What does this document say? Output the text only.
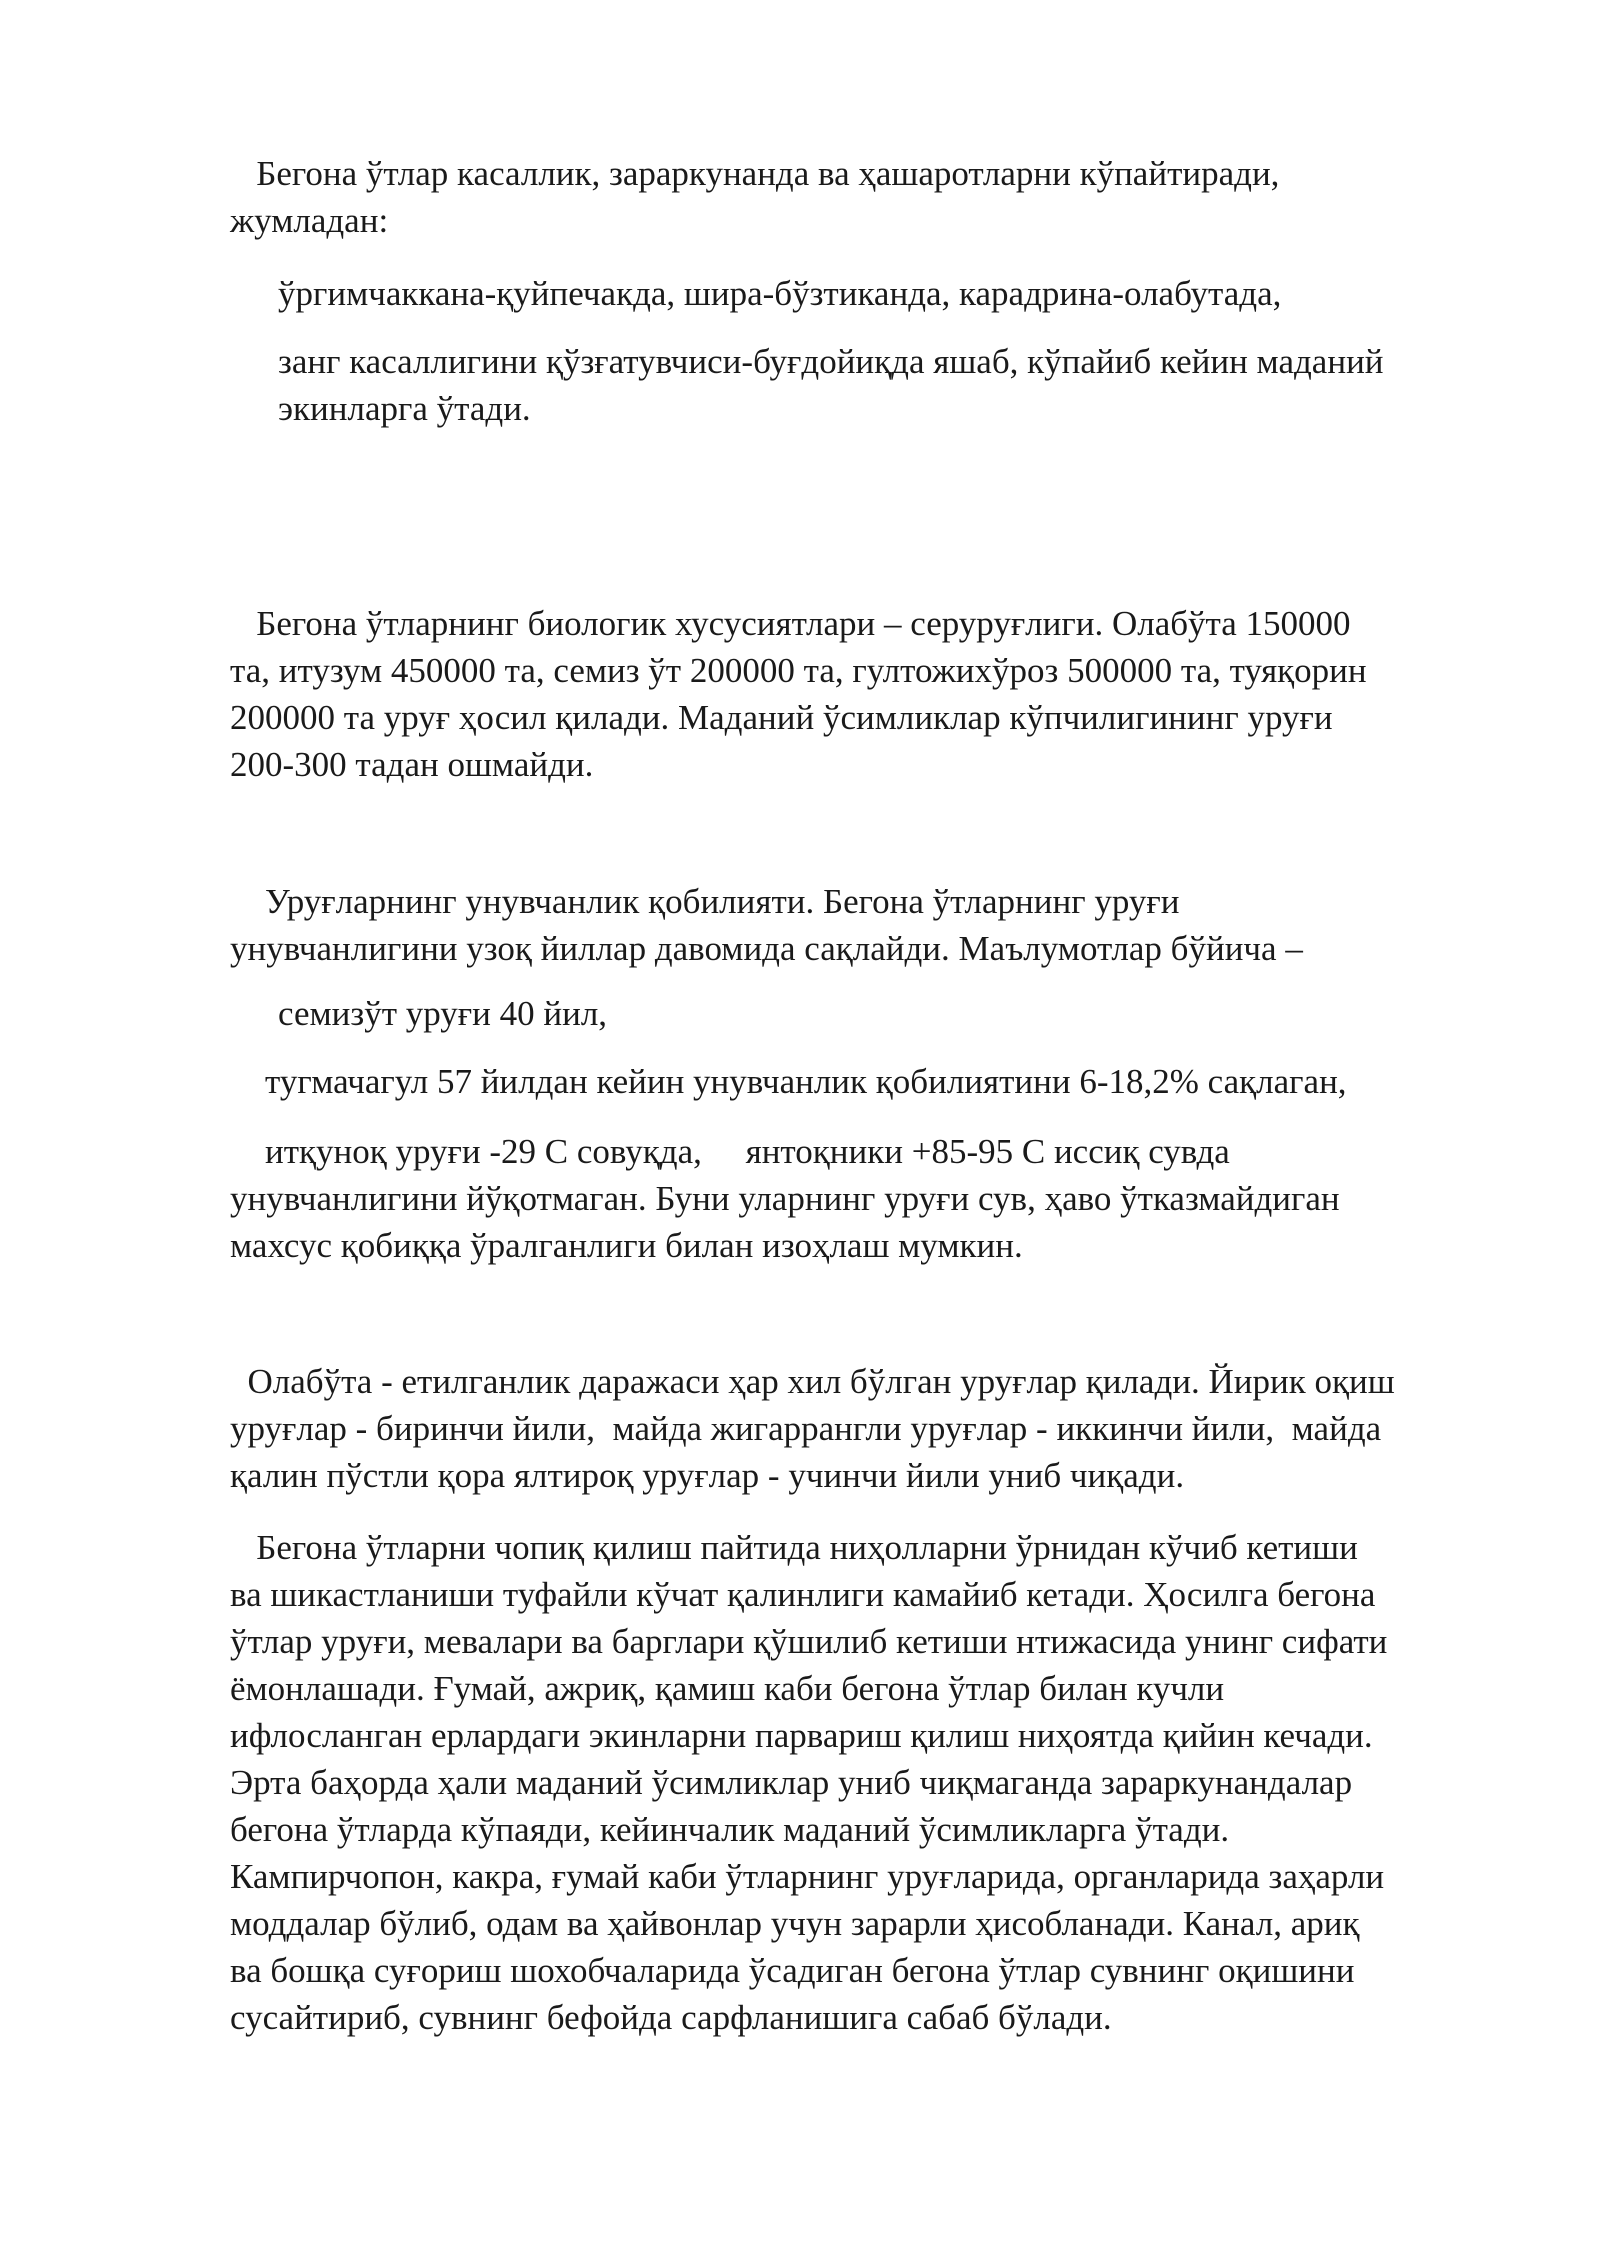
Бегона ўтлар касаллик, зараркунанда ва ҳашаротларни кўпайтиради,
жумладан:
ўргимчаккана-қуйпечакда, шира-бўзтиканда, карадрина-олабутада,
занг касаллигини қўзғатувчиси-буғдойиқда яшаб, кўпайиб кейин маданий
экинларга ўтади.
Бегона ўтларнинг биологик хусусиятлари – серуруғлиги. Олабўта 150000
та, итузум 450000 та, семиз ўт 200000 та, гултожихўроз 500000 та, туяқорин
200000 та уруғ ҳосил қилади. Маданий ўсимликлар кўпчилигининг уруғи
200-300 тадан ошмайди.
Уруғларнинг унувчанлик қобилияти. Бегона ўтларнинг уруғи
унувчанлигини узоқ йиллар давомида сақлайди. Маълумотлар бўйича –
семизўт уруғи 40 йил,
тугмачагул 57 йилдан кейин унувчанлик қобилиятини 6-18,2% сақлаган,
итқуноқ уруғи -29 С совуқда,     янтоқники +85-95 С иссиқ сувда
унувчанлигини йўқотмаган. Буни уларнинг уруғи сув, ҳаво ўтказмайдиган
махсус қобиққа ўралганлиги билан изоҳлаш мумкин.
Олабўта - етилганлик даражаси ҳар хил бўлган уруғлар қилади. Йирик оқиш
уруғлар - биринчи йили,  майда жигаррангли уруғлар - иккинчи йили,  майда
қалин пўстли қора ялтироқ уруғлар - учинчи йили униб чиқади.
Бегона ўтларни чопиқ қилиш пайтида ниҳолларни ўрнидан кўчиб кетиши
ва шикастланиши туфайли кўчат қалинлиги камайиб кетади. Ҳосилга бегона
ўтлар уруғи, мевалари ва барглари қўшилиб кетиши нтижасида унинг сифати
ёмонлашади. Ғумай, ажриқ, қамиш каби бегона ўтлар билан кучли
ифлосланган ерлардаги экинларни парвариш қилиш ниҳоятда қийин кечади.
Эрта баҳорда ҳали маданий ўсимликлар униб чиқмаганда зараркунандалар
бегона ўтларда кўпаяди, кейинчалик маданий ўсимликларга ўтади.
Кампирчопон, какра, ғумай каби ўтларнинг уруғларида, органларида заҳарли
моддалар бўлиб, одам ва ҳайвонлар учун зарарли ҳисобланади. Канал, ариқ
ва бошқа суғориш шохобчаларида ўсадиган бегона ўтлар сувнинг оқишини
сусайтириб, сувнинг бефойда сарфланишига сабаб бўлади.
